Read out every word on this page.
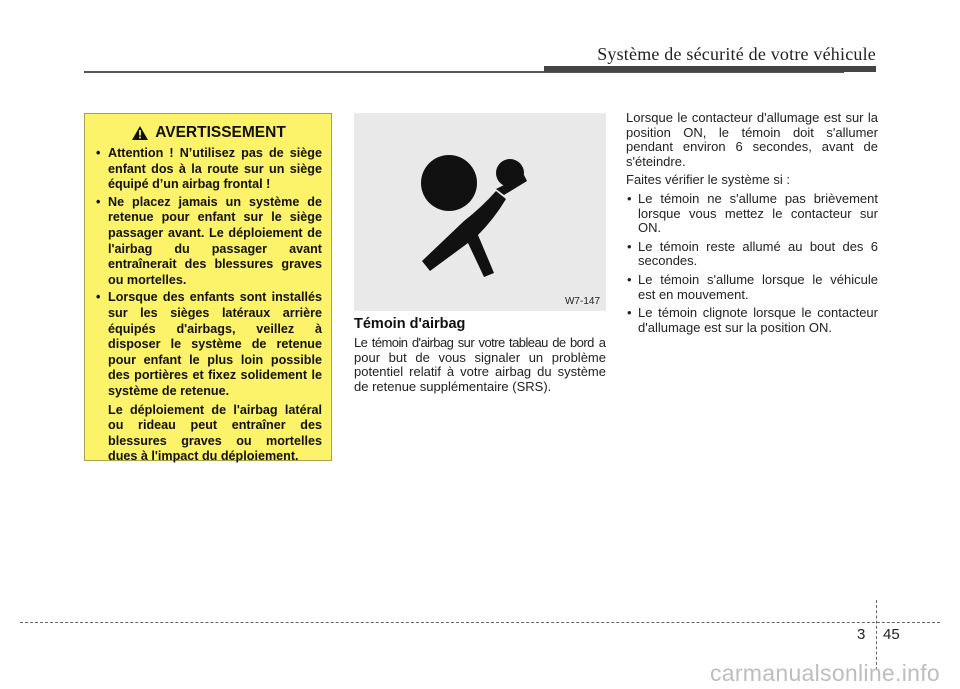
Système de sécurité de votre véhicule
AVERTISSEMENT
• Attention ! N’utilisez pas de siège enfant dos à la route sur un siège équipé d’un airbag frontal !
• Ne placez jamais un système de retenue pour enfant sur le siège passager avant. Le déploiement de l'airbag du passager avant entraînerait des blessures graves ou mortelles.
• Lorsque des enfants sont installés sur les sièges latéraux arrière équipés d'airbags, veillez à disposer le système de retenue pour enfant le plus loin possible des portières et fixez solidement le système de retenue.
Le déploiement de l'airbag latéral ou rideau peut entraîner des blessures graves ou mortelles dues à l'impact du déploiement.
W7-147
Témoin d'airbag
Le témoin d'airbag sur votre tableau de bord a pour but de vous signaler un problème potentiel relatif à votre airbag du système de retenue supplémentaire (SRS).

Lorsque le contacteur d'allumage est sur la position ON, le témoin doit s'allumer pendant environ 6 secondes, avant de s'éteindre.

Faites vérifier le système si :

• Le témoin ne s'allume pas brièvement lorsque vous mettez le contacteur sur ON.
• Le témoin reste allumé au bout des 6 secondes.
• Le témoin s'allume lorsque le véhicule est en mouvement.
• Le témoin clignote lorsque le contacteur d'allumage est sur la position ON.
3 45
carmanualsonline.info
